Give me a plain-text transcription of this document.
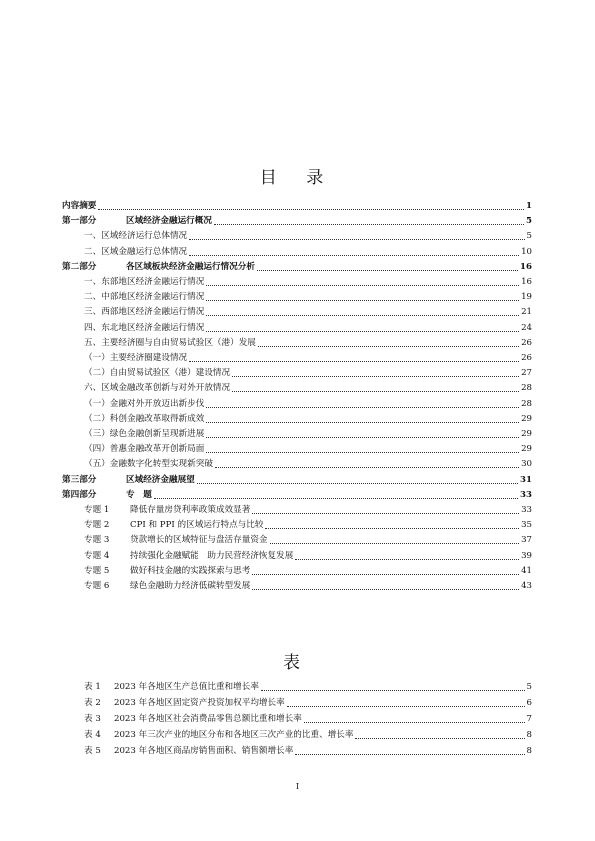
目 录
内容摘要	1
第一部分	区域经济金融运行概况	5
一、区域经济运行总体情况	5
二、区域金融运行总体情况	10
第二部分	各区域板块经济金融运行情况分析	16
一、东部地区经济金融运行情况	16
二、中部地区经济金融运行情况	19
三、西部地区经济金融运行情况	21
四、东北地区经济金融运行情况	24
五、主要经济圈与自由贸易试验区（港）发展	26
（一）主要经济圈建设情况	26
（二）自由贸易试验区（港）建设情况	27
六、区域金融改革创新与对外开放情况	28
（一）金融对外开放迈出新步伐	28
（二）科创金融改革取得新成效	29
（三）绿色金融创新呈现新进展	29
（四）普惠金融改革开创新局面	29
（五）金融数字化转型实现新突破	30
第三部分	区域经济金融展望	31
第四部分	专　题	33
专题 1	降低存量房贷利率政策成效显著	33
专题 2	CPI 和 PPI 的区域运行特点与比较	35
专题 3	贷款增长的区域特征与盘活存量资金	37
专题 4	持续强化金融赋能　助力民营经济恢复发展	39
专题 5	做好科技金融的实践探索与思考	41
专题 6	绿色金融助力经济低碳转型发展	43
表
表 1	2023 年各地区生产总值比重和增长率	5
表 2	2023 年各地区固定资产投资加权平均增长率	6
表 3	2023 年各地区社会消费品零售总额比重和增长率	7
表 4	2023 年三次产业的地区分布和各地区三次产业的比重、增长率	8
表 5	2023 年各地区商品房销售面积、销售额增长率	8
I
